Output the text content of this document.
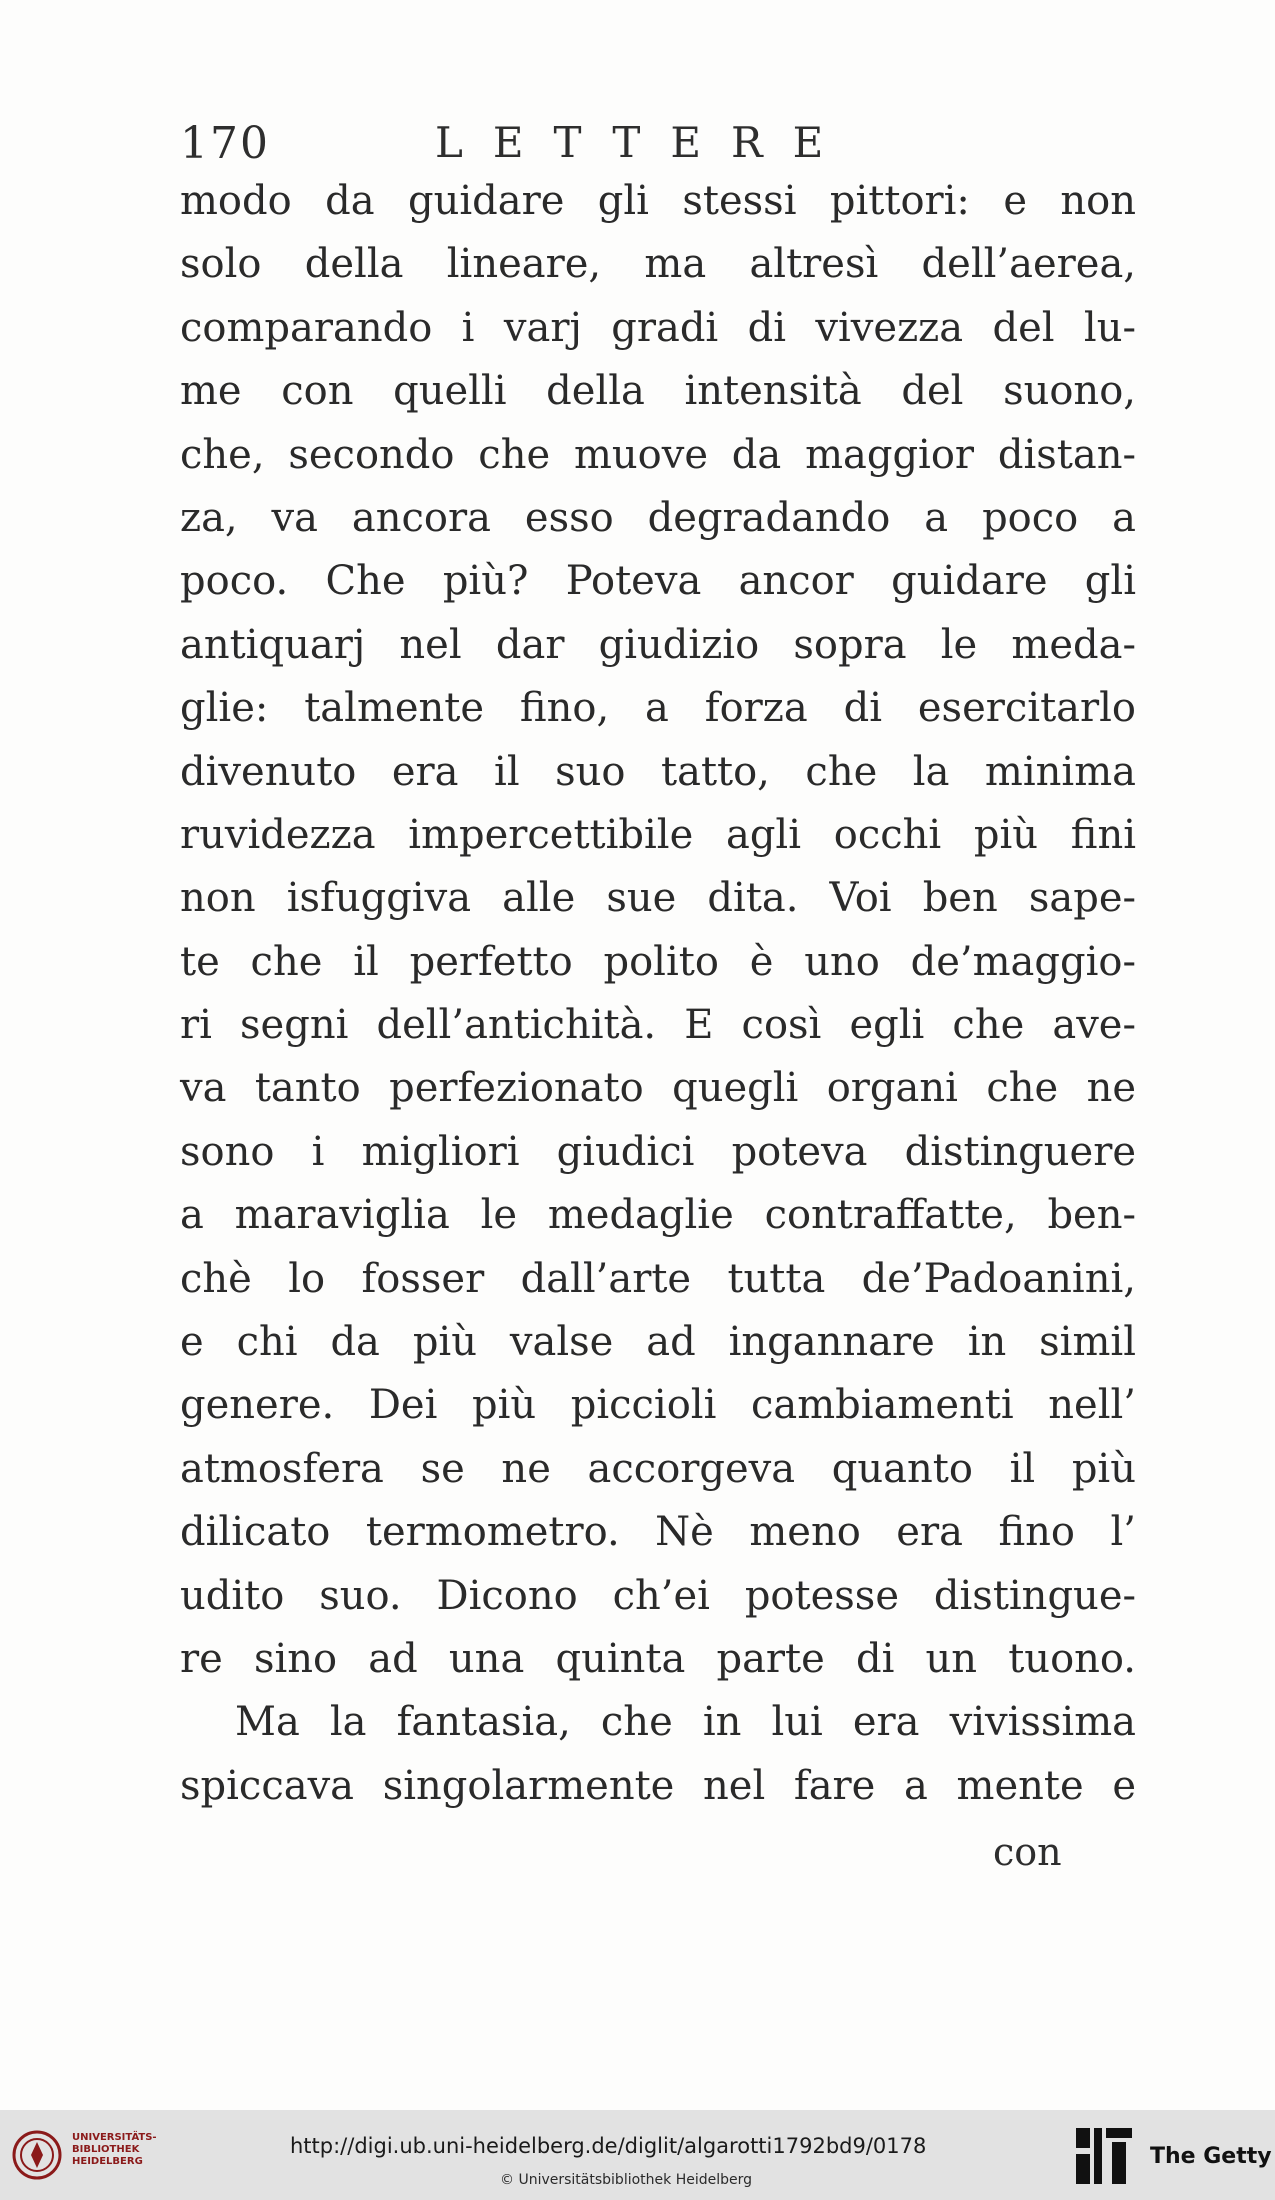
170	LETTERE
modo da guidare gli stessi pittori: e non
solo della lineare, ma altresì dell’aerea,
comparando i varj gradi di vivezza del lu-
me con quelli della intensità del suono,
che, secondo che muove da maggior distan-
za, va ancora esso degradando a poco a
poco. Che più? Poteva ancor guidare gli
antiquarj nel dar giudizio sopra le meda-
glie: talmente fino, a forza di esercitarlo
divenuto era il suo tatto, che la minima
ruvidezza impercettibile agli occhi più fini
non isfuggiva alle sue dita. Voi ben sape-
te che il perfetto polito è uno de’maggio-
ri segni dell’antichità. E così egli che ave-
va tanto perfezionato quegli organi che ne
sono i migliori giudici poteva distinguere
a maraviglia le medaglie contraffatte, ben-
chè lo fosser dall’arte tutta de’Padoanini,
e chi da più valse ad ingannare in simil
genere. Dei più piccioli cambiamenti nell’
atmosfera se ne accorgeva quanto il più
dilicato termometro. Nè meno era fino l’
udito suo. Dicono ch’ei potesse distingue-
re sino ad una quinta parte di un tuono.
Ma la fantasia, che in lui era vivissima
spiccava singolarmente nel fare a mente e
con
UNIVERSITÄTS-
BIBLIOTHEK
HEIDELBERG
http://digi.ub.uni-heidelberg.de/diglit/algarotti1792bd9/0178
© Universitätsbibliothek Heidelberg
The Getty
